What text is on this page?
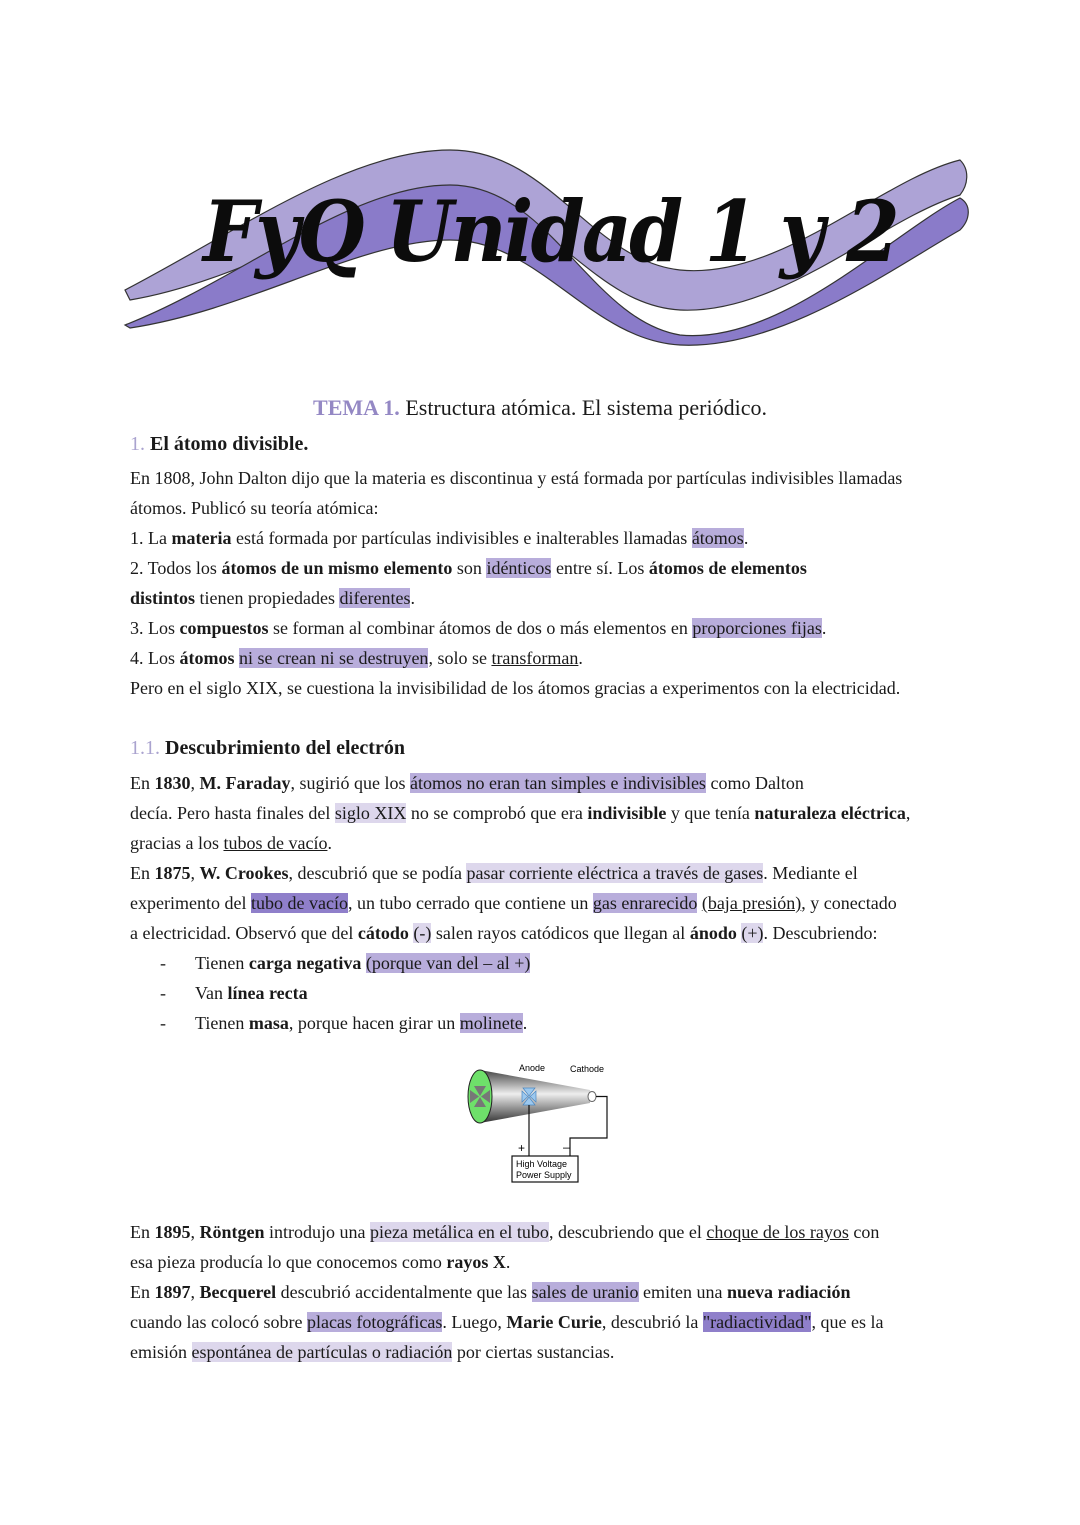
FyQ Unidad 1 y 2
TEMA 1. Estructura atómica. El sistema periódico.
1. El átomo divisible.
En 1808, John Dalton dijo que la materia es discontinua y está formada por partículas indivisibles llamadas
átomos. Publicó su teoría atómica:
1. La materia está formada por partículas indivisibles e inalterables llamadas átomos.
2. Todos los átomos de un mismo elemento son idénticos entre sí. Los átomos de elementos
distintos tienen propiedades diferentes.
3. Los compuestos se forman al combinar átomos de dos o más elementos en proporciones fijas.
4. Los átomos ni se crean ni se destruyen, solo se transforman.
Pero en el siglo XIX, se cuestiona la invisibilidad de los átomos gracias a experimentos con la electricidad.
1.1. Descubrimiento del electrón
En 1830, M. Faraday, sugirió que los átomos no eran tan simples e indivisibles como Dalton
decía. Pero hasta finales del siglo XIX no se comprobó que era indivisible y que tenía naturaleza eléctrica,
gracias a los tubos de vacío.
En 1875, W. Crookes, descubrió que se podía pasar corriente eléctrica a través de gases. Mediante el
experimento del tubo de vacío, un tubo cerrado que contiene un gas enrarecido (baja presión), y conectado
a electricidad. Observó que del cátodo (-) salen rayos catódicos que llegan al ánodo (+). Descubriendo:
- Tienen carga negativa (porque van del – al +)
- Van línea recta
- Tienen masa, porque hacen girar un molinete.
Anode	Cathode
+	–
High Voltage
Power Supply
En 1895, Röntgen introdujo una pieza metálica en el tubo, descubriendo que el choque de los rayos con
esa pieza producía lo que conocemos como rayos X.
En 1897, Becquerel descubrió accidentalmente que las sales de uranio emiten una nueva radiación
cuando las colocó sobre placas fotográficas. Luego, Marie Curie, descubrió la "radiactividad", que es la
emisión espontánea de partículas o radiación por ciertas sustancias.
